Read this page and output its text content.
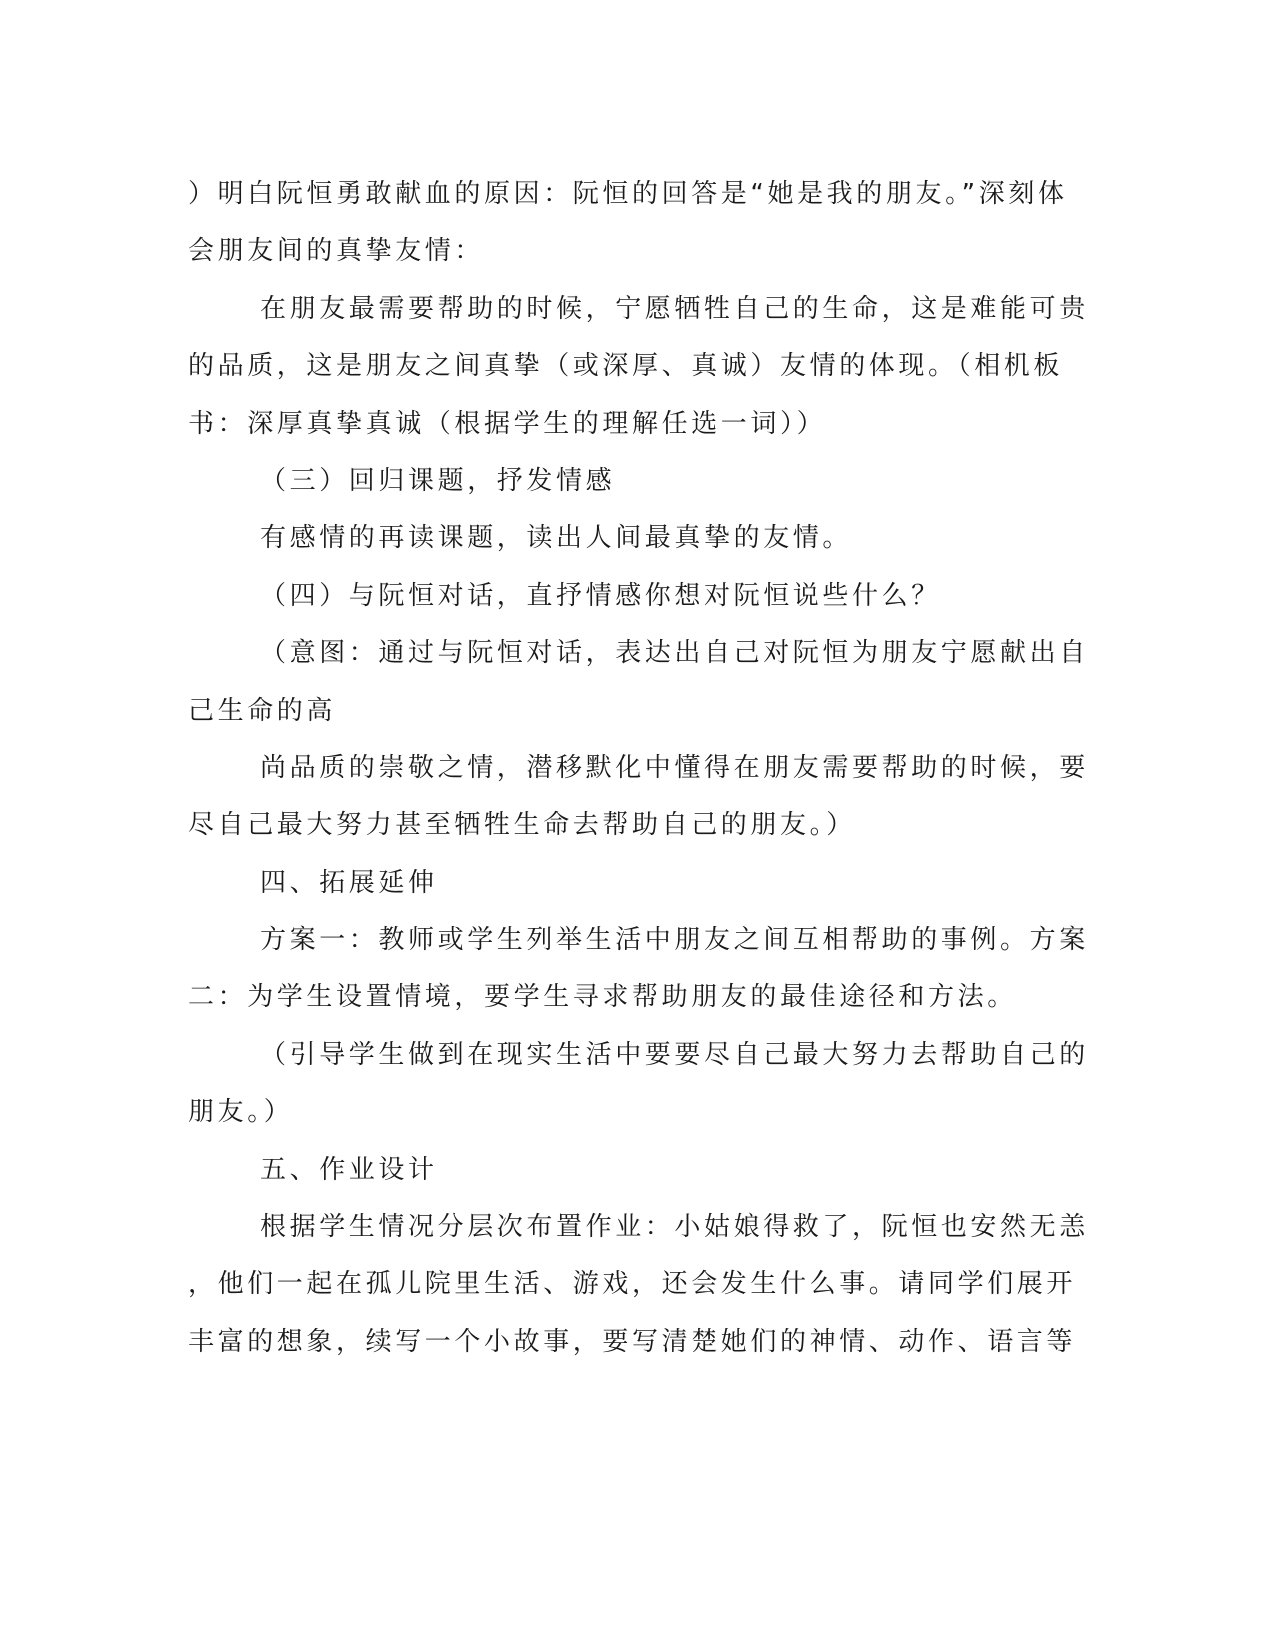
）明白阮恒勇敢献血的原因：阮恒的回答是“她是我的朋友。”深刻体
会朋友间的真挚友情：
在朋友最需要帮助的时候，宁愿牺牲自己的生命，这是难能可贵
的品质，这是朋友之间真挚（或深厚、真诚）友情的体现。（相机板
书：深厚真挚真诚（根据学生的理解任选一词））
（三）回归课题，抒发情感
有感情的再读课题，读出人间最真挚的友情。
（四）与阮恒对话，直抒情感你想对阮恒说些什么？
（意图：通过与阮恒对话，表达出自己对阮恒为朋友宁愿献出自
己生命的高
尚品质的崇敬之情，潜移默化中懂得在朋友需要帮助的时候，要
尽自己最大努力甚至牺牲生命去帮助自己的朋友。）
四、拓展延伸
方案一：教师或学生列举生活中朋友之间互相帮助的事例。方案
二：为学生设置情境，要学生寻求帮助朋友的最佳途径和方法。
（引导学生做到在现实生活中要要尽自己最大努力去帮助自己的
朋友。）
五、作业设计
根据学生情况分层次布置作业：小姑娘得救了，阮恒也安然无恙
，他们一起在孤儿院里生活、游戏，还会发生什么事。请同学们展开
丰富的想象，续写一个小故事，要写清楚她们的神情、动作、语言等
